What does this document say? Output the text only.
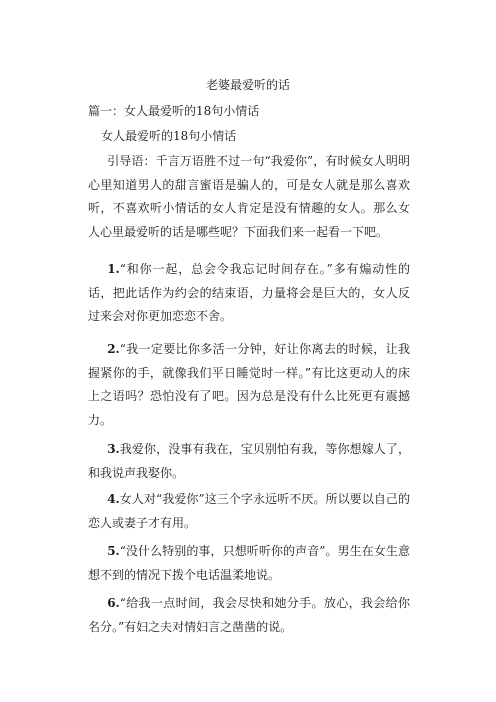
老婆最爱听的话
篇一：女人最爱听的18句小情话
女人最爱听的18句小情话
引导语：千言万语胜不过一句“我爱你”，有时候女人明明心里知道男人的甜言蜜语是骗人的，可是女人就是那么喜欢听，不喜欢听小情话的女人肯定是没有情趣的女人。那么女人心里最爱听的话是哪些呢？下面我们来一起看一下吧。
1.“和你一起，总会令我忘记时间存在。”多有煽动性的话，把此话作为约会的结束语，力量将会是巨大的，女人反过来会对你更加恋恋不舍。
2.“我一定要比你多活一分钟，好让你离去的时候，让我握紧你的手，就像我们平日睡觉时一样。”有比这更动人的床上之语吗？恐怕没有了吧。因为总是没有什么比死更有震撼力。
3.我爱你，没事有我在，宝贝别怕有我，等你想嫁人了，和我说声我娶你。
4.女人对“我爱你”这三个字永远听不厌。所以要以自己的恋人或妻子才有用。
5.“没什么特别的事，只想听听你的声音”。男生在女生意想不到的情况下拨个电话温柔地说。
6.“给我一点时间，我会尽快和她分手。放心，我会给你名分。”有妇之夫对情妇言之凿凿的说。
